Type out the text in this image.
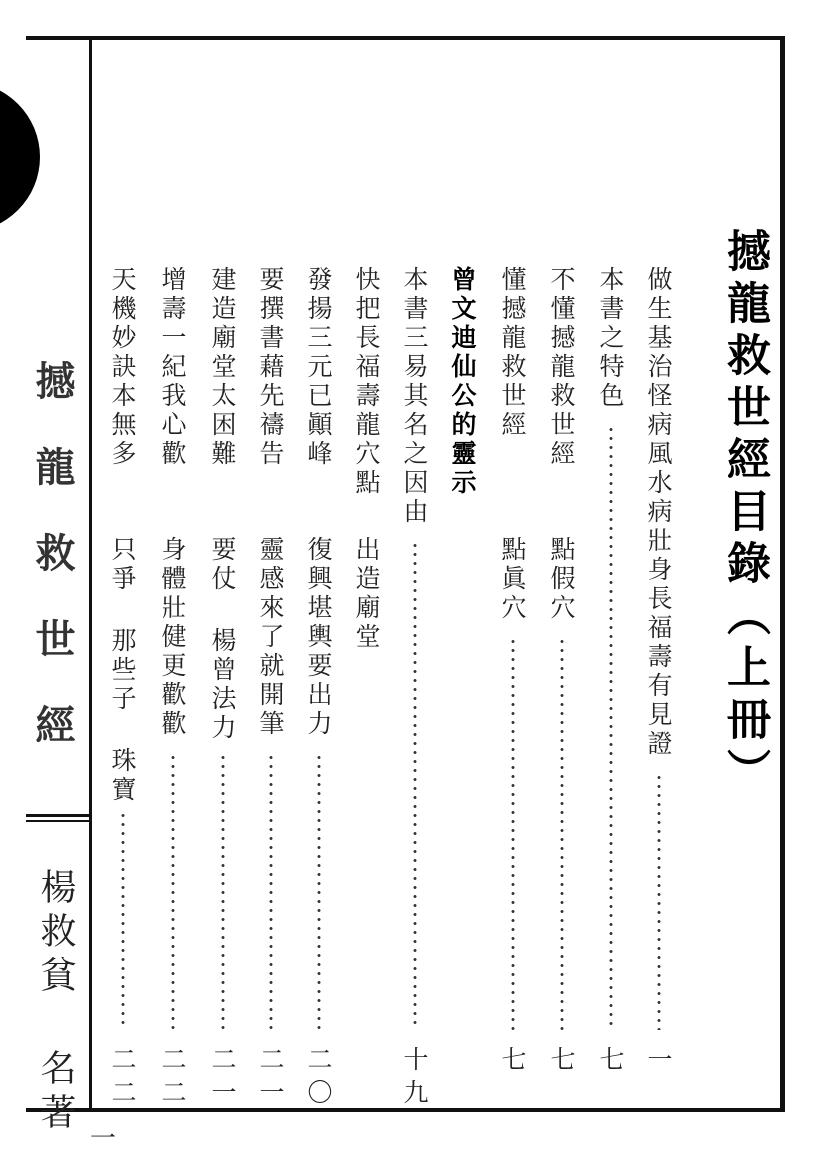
撼龍救世經
楊救貧 名著
一
撼龍救世經目錄（上冊）
做生基治怪病風水病壯身長福壽有見證
一
本書之特色
七
不懂撼龍救世經
點假穴
七
懂撼龍救世經
點眞穴
七
曾文迪仙公的靈示
本書三易其名之因由
十九
快把長福壽龍穴點
出造廟堂
發揚三元已顚峰
復興堪輿要出力
二〇
要撰書藉先禱告
靈感來了就開筆
二一
建造廟堂太困難
要仗 楊曾法力
二一
增壽一紀我心歡
身體壯健更歡歡
二二
天機妙訣本無多
只爭 那些子 珠寶
二二
